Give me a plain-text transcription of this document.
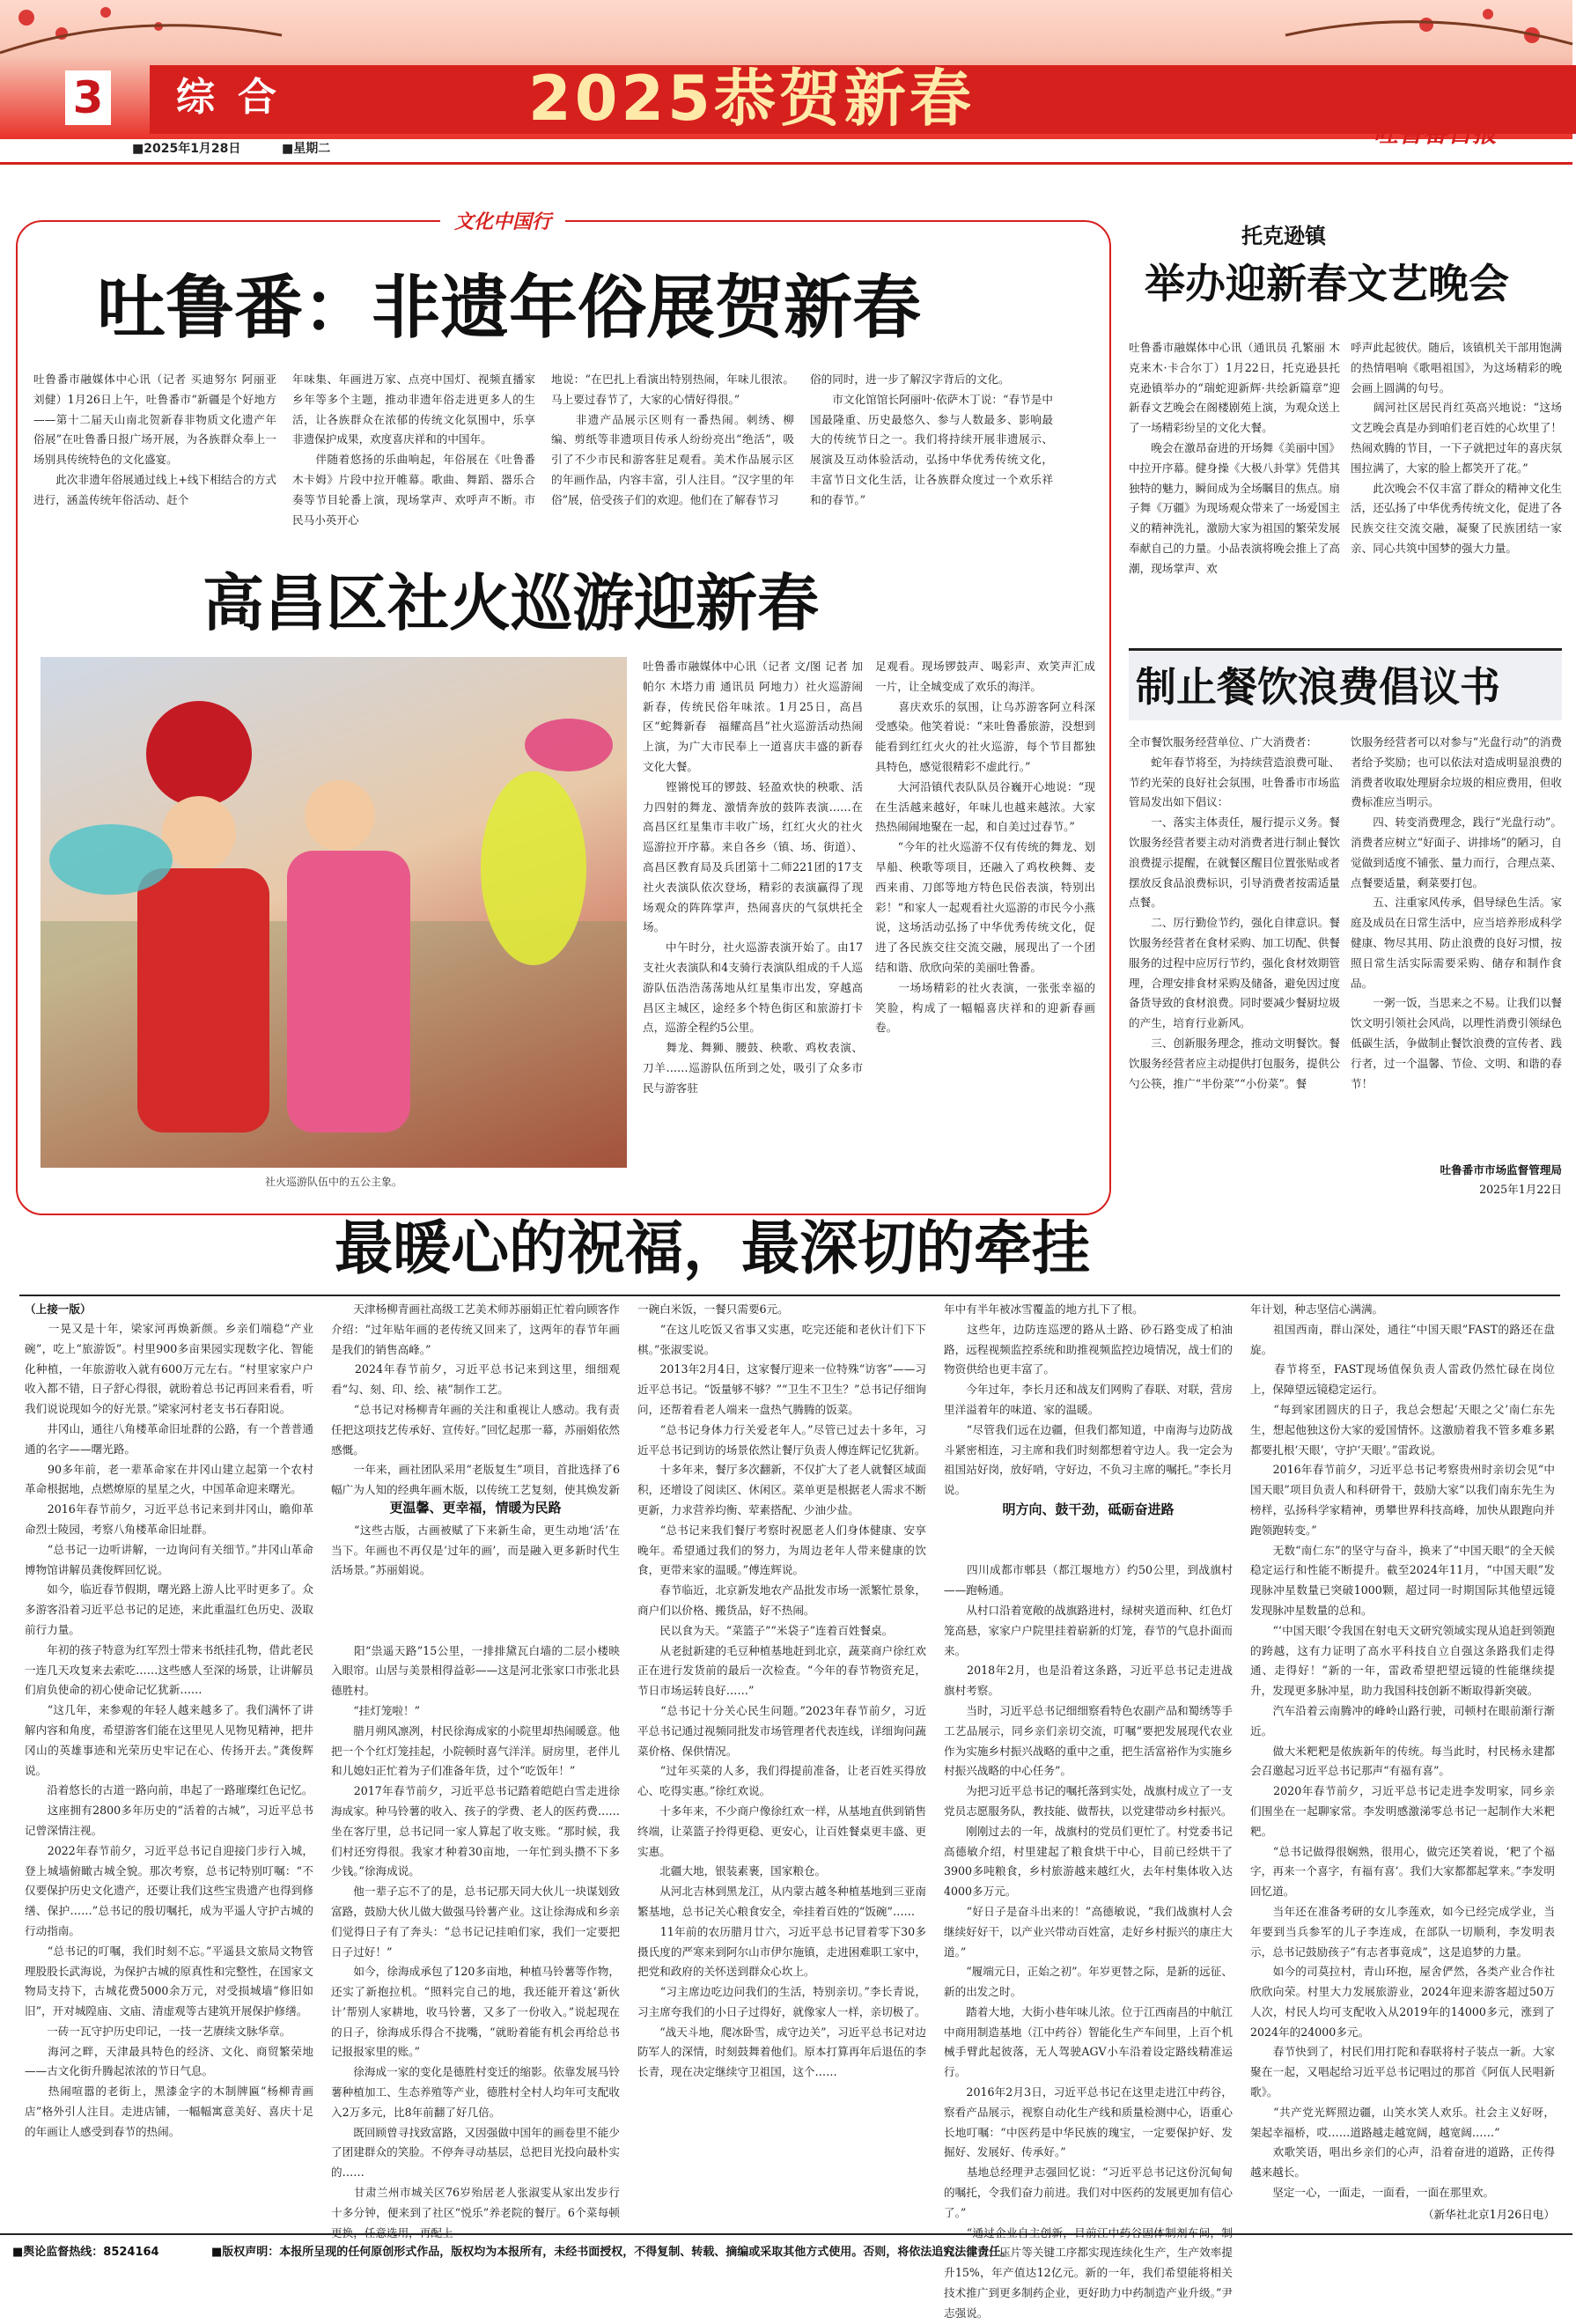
3 综合	2025恭贺新春	吐鲁番日报
■2025年1月28日	■星期二
文化中国行
吐鲁番：非遗年俗展贺新春
吐鲁番市融媒体中心讯（记者 买迪努尔 阿丽亚 刘健）1月26日上午，吐鲁番市“新疆是个好地方——第十二届天山南北贺新春非物质文化遗产年俗展”在吐鲁番日报广场开展，为各族群众奉上一场别具传统特色的文化盛宴。
　　此次非遗年俗展通过线上+线下相结合的方式进行，涵盖传统年俗活动、赶个
年味集、年画进万家、点亮中国灯、视频直播家乡年等多个主题，推动非遗年俗走进更多人的生活，让各族群众在浓郁的传统文化氛围中，乐享非遗保护成果，欢度喜庆祥和的中国年。
　　伴随着悠扬的乐曲响起，年俗展在《吐鲁番木卡姆》片段中拉开帷幕。歌曲、舞蹈、器乐合奏等节目轮番上演，现场掌声、欢呼声不断。市民马小英开心
地说：“在巴扎上看演出特别热闹，年味儿很浓。马上要过春节了，大家的心情好得很。”
　　非遗产品展示区则有一番热闹。刺绣、柳编、剪纸等非遗项目传承人纷纷亮出“绝活”，吸引了不少市民和游客驻足观看。美术作品展示区的年画作品，内容丰富，引人注目。“汉字里的年俗”展，倍受孩子们的欢迎。他们在了解春节习
俗的同时，进一步了解汉字背后的文化。
　　市文化馆馆长阿丽叶·依萨木丁说：“春节是中国最隆重、历史最悠久、参与人数最多、影响最大的传统节日之一。我们将持续开展非遗展示、展演及互动体验活动，弘扬中华优秀传统文化，丰富节日文化生活，让各族群众度过一个欢乐祥和的春节。”
高昌区社火巡游迎新春
社火巡游队伍中的五公主象。
吐鲁番市融媒体中心讯（记者 文/图 记者 加帕尔 木塔力甫 通讯员 阿地力）社火巡游闹新春，传统民俗年味浓。1月25日，高昌区“蛇舞新春　福耀高昌”社火巡游活动热闹上演，为广大市民奉上一道喜庆丰盛的新春文化大餐。
　　铿锵悦耳的锣鼓、轻盈欢快的秧歌、活力四射的舞龙、激情奔放的鼓阵表演……在高昌区红星集市丰收广场，红红火火的社火巡游拉开序幕。来自各乡（镇、场、街道）、高昌区教育局及兵团第十二师221团的17支社火表演队依次登场，精彩的表演赢得了现场观众的阵阵掌声，热闹喜庆的气氛烘托全场。
　　中午时分，社火巡游表演开始了。由17支社火表演队和4支骑行表演队组成的千人巡游队伍浩浩荡荡地从红星集市出发，穿越高昌区主城区，途经多个特色街区和旅游打卡点，巡游全程约5公里。
　　舞龙、舞狮、腰鼓、秧歌、鸡枚表演、刀羊……巡游队伍所到之处，吸引了众多市民与游客驻
足观看。现场锣鼓声、喝彩声、欢笑声汇成一片，让全城变成了欢乐的海洋。
　　喜庆欢乐的氛围，让乌苏游客阿立科深受感染。他笑着说：“来吐鲁番旅游，没想到能看到红红火火的社火巡游，每个节目都独具特色，感觉很精彩不虚此行。”
　　大河沿镇代表队队员谷巍开心地说：“现在生活越来越好，年味儿也越来越浓。大家热热闹闹地聚在一起，和自美过过春节。”
　　“今年的社火巡游不仅有传统的舞龙、划旱船、秧歌等项目，还融入了鸡枚秧舞、麦西来甫、刀郎等地方特色民俗表演，特别出彩！”和家人一起观看社火巡游的市民今小燕说，这场活动弘扬了中华优秀传统文化，促进了各民族交往交流交融，展现出了一个团结和谐、欣欣向荣的美丽吐鲁番。
　　一场场精彩的社火表演，一张张幸福的笑脸，构成了一幅幅喜庆祥和的迎新春画卷。
托克逊镇
举办迎新春文艺晚会
吐鲁番市融媒体中心讯（通讯员 孔繁丽 木克来木·卡合尔丁）1月22日，托克逊县托克逊镇举办的“瑞蛇迎新辉·共绘新篇章”迎新春文艺晚会在阁楼剧苑上演，为观众送上了一场精彩纷呈的文化大餐。
　　晚会在激昂奋进的开场舞《美丽中国》中拉开序幕。健身操《大极八卦掌》凭借其独特的魅力，瞬间成为全场瞩目的焦点。扇子舞《万疆》为现场观众带来了一场爱国主义的精神洗礼，激励大家为祖国的繁荣发展奉献自己的力量。小品表演将晚会推上了高潮，现场掌声、欢
呼声此起彼伏。随后，该镇机关干部用饱满的热情唱响《歌唱祖国》，为这场精彩的晚会画上圆满的句号。
　　阔河社区居民肖红英高兴地说：“这场文艺晚会真是办到咱们老百姓的心坎里了！热闹欢腾的节目，一下子就把过年的喜庆氛围拉满了，大家的脸上都笑开了花。”
　　此次晚会不仅丰富了群众的精神文化生活，还弘扬了中华优秀传统文化，促进了各民族交往交流交融，凝聚了民族团结一家亲、同心共筑中国梦的强大力量。
制止餐饮浪费倡议书
全市餐饮服务经营单位、广大消费者：
　　蛇年春节将至，为持续营造浪费可耻、节约光荣的良好社会氛围，吐鲁番市市场监管局发出如下倡议：
　　一、落实主体责任，履行提示义务。餐饮服务经营者要主动对消费者进行制止餐饮浪费提示提醒，在就餐区醒目位置张贴或者摆放反食品浪费标识，引导消费者按需适量点餐。
　　二、厉行勤俭节约，强化自律意识。餐饮服务经营者在食材采购、加工切配、供餐服务的过程中应厉行节约，强化食材效期管理，合理安排食材采购及储备，避免因过度备货导致的食材浪费。同时要减少餐厨垃圾的产生，培育行业新风。
　　三、创新服务理念，推动文明餐饮。餐饮服务经营者应主动提供打包服务，提供公勺公筷，推广“半份菜”“小份菜”。餐
饮服务经营者可以对参与“光盘行动”的消费者给予奖励；也可以依法对造成明显浪费的消费者收取处理厨余垃圾的相应费用，但收费标准应当明示。
　　四、转变消费理念，践行“光盘行动”。消费者应树立“好面子、讲排场”的陋习，自觉做到适度不铺张、量力而行，合理点菜、点餐要适量，剩菜要打包。
　　五、注重家风传承，倡导绿色生活。家庭及成员在日常生活中，应当培养形成科学健康、物尽其用、防止浪费的良好习惯，按照日常生活实际需要采购、储存和制作食品。
　　一粥一饭，当思来之不易。让我们以餐饮文明引领社会风尚，以理性消费引领绿色低碳生活，争做制止餐饮浪费的宣传者、践行者，过一个温馨、节俭、文明、和谐的春节！
吐鲁番市市场监督管理局
2025年1月22日
最暖心的祝福，最深切的牵挂
（上接一版）
　　一晃又是十年，梁家河再焕新颜。乡亲们端稳“产业碗”，吃上“旅游饭”。村里900多亩果园实现数字化、智能化种植，一年旅游收入就有600万元左右。“村里家家户户收入都不错，日子舒心得很，就盼着总书记再回来看看，听我们说说现如今的好光景。”梁家河村老支书石春阳说。
　　井冈山，通往八角楼革命旧址群的公路，有一个普普通通的名字——曙光路。
　　90多年前，老一辈革命家在井冈山建立起第一个农村革命根据地，点燃燎原的星星之火，中国革命迎来曙光。
　　2016年春节前夕，习近平总书记来到井冈山，瞻仰革命烈士陵园，考察八角楼革命旧址群。
　　“总书记一边听讲解，一边询问有关细节。”井冈山革命博物馆讲解员龚俊辉回忆说。
　　如今，临近春节假期，曙光路上游人比平时更多了。众多游客沿着习近平总书记的足迹，来此重温红色历史、汲取前行力量。
　　年初的孩子特意为红军烈士带来书纸挂孔物，借此老民一连几天攻复来去索吃……这些感人至深的场景，让讲解员们肩负使命的初心使命记忆犹新……
　　“这几年，来参观的年轻人越来越多了。我们满怀了讲解内容和角度，希望游客们能在这里见人见物见精神，把井冈山的英雄事迹和光荣历史牢记在心、传扬开去。”龚俊辉说。
　　沿着悠长的古道一路向前，串起了一路璀璨红色记忆。
　　这座拥有2800多年历史的“活着的古城”，习近平总书记曾深情注视。
　　2022年春节前夕，习近平总书记自迎接门步行入城，登上城墙俯瞰古城全貌。那次考察，总书记特别叮嘱：“不仅要保护历史文化遗产，还要让我们这些宝贵遗产也得到修缮、保护……”总书记的殷切嘱托，成为平遥人守护古城的行动指南。
　　“总书记的叮嘱，我们时刻不忘。”平遥县文旅局文物管理股股长武海说，为保护古城的原真性和完整性，在国家文物局支持下，古城花费5000余万元，对受损城墙“修旧如旧”，开对城隍庙、文庙、清虚观等古建筑开展保护修缮。
　　一砖一瓦守护历史印记，一技一艺赓续文脉华章。
　　海河之畔，天津最具特色的经济、文化、商贸繁荣地——古文化街升腾起浓浓的节日气息。
　　热闹喧嚣的老街上，黑漆金字的木制牌匾“杨柳青画店”格外引人注目。走进店铺，一幅幅寓意美好、喜庆十足的年画让人感受到春节的热闹。
　　天津杨柳青画社高级工艺美术师苏丽娟正忙着向顾客作介绍：“过年贴年画的老传统又回来了，这两年的春节年画是我们的销售高峰。”
　　2024年春节前夕，习近平总书记来到这里，细细观看“勾、刻、印、绘、裱”制作工艺。
　　“总书记对杨柳青年画的关注和重视让人感动。我有责任把这项技艺传承好、宣传好。”回忆起那一幕，苏丽娟依然感慨。
　　一年来，画社团队采用“老版复生”项目，首批选择了6幅广为人知的经典年画木版，以传统工艺复刻，使其焕发新
　　“这些古版，古画被赋了下来新生命，更生动地‘活’在当下。年画也不再仅是‘过年的画’，而是融入更多新时代生活场景。”苏丽娟说。

　　阳“祟遥天路”15公里，一排排黛瓦白墙的二层小楼映入眼帘。山居与美景相得益彰——这是河北张家口市张北县德胜村。
　　“挂灯笼啦！”
　　腊月朔风凛冽，村民徐海成家的小院里却热闹暖意。他把一个个红灯笼挂起，小院顿时喜气洋洋。厨房里，老伴儿和儿媳妇正忙着为子们准备年货，过个“吃饭年！”
　　2017年春节前夕，习近平总书记踏着皑皑白雪走进徐海成家。种马铃薯的收入、孩子的学费、老人的医药费……坐在客厅里，总书记同一家人算起了收支账。“那时候，我们村还穷得很。我家才种着30亩地，一年忙到头攒不下多少钱。”徐海成说。
　　他一辈子忘不了的是，总书记那天同大伙儿一块谋划致富路，鼓励大伙儿做大做强马铃薯产业。这让徐海成和乡亲们觉得日子有了奔头：“总书记记挂咱们家，我们一定要把日子过好！”
　　如今，徐海成承包了120多亩地，种植马铃薯等作物，还实了新抱拉机。“照料完自己的地，我还能开着这‘新伙计’帮别人家耕地，收马铃薯，又多了一份收入。”说起现在的日子，徐海成乐得合不拢嘴，“就盼着能有机会再给总书记报报家里的账。”
　　徐海成一家的变化是德胜村变迁的缩影。依靠发展马铃薯种植加工、生态养殖等产业，德胜村全村人均年可支配收入2万多元，比8年前翻了好几倍。
　　既回顾曾寻找致富路，又因强做中国年的画卷里不能少了团建群众的笑脸。不停奔寻动基层，总把目光投向最朴实的……
　　甘肃兰州市城关区76岁殆居老人张淑雯从家出发步行十多分钟，便来到了社区“悦乐”养老院的餐厅。6个菜每顿
更温馨、更幸福，情暖为民路
一碗白米饭，一餐只需要6元。
　　“在这儿吃饭又省事又实惠，吃完还能和老伙计们下下棋。”张淑雯说。
　　2013年2月4日，这家餐厅迎来一位特殊“访客”——习近平总书记。“饭量够不够？”“卫生不卫生？”总书记仔细询问，还帮着看老人端来一盘热气腾腾的饭菜。
　　“总书记身体力行关爱老年人。”尽管已过去十多年，习近平总书记到访的场景依然让餐厅负责人傅连辉记忆犹新。
　　十多年来，餐厅多次翻新，不仅扩大了老人就餐区域面积，还增设了阅读区、休闲区。菜单更是根据老人需求不断更新，力求营养均衡、荤素搭配、少油少盐。
　　“总书记来我们餐厅考察时祝愿老人们身体健康、安享晚年。希望通过我们的努力，为周边老年人带来健康的饮食，更带来家的温暖。”傅连辉说。
　　春节临近，北京新发地农产品批发市场一派繁忙景象，商户们以价格、搬货品，好不热闹。
　　民以食为天。“菜篮子”“米袋子”连着百姓餐桌。
　　从老挝新建的毛豆种植基地赶到北京，蔬菜商户徐红欢正在进行发货前的最后一次检查。“今年的春节物资充足，节日市场运转良好……”
　　“总书记十分关心民生问题。”2023年春节前夕，习近平总书记通过视频同批发市场管理者代表连线，详细询问蔬菜价格、保供情况。
　　“过年买菜的人多，我们得提前准备，让老百姓买得放心、吃得实惠。”徐红欢说。
　　十多年来，不少商户像徐红欢一样，从基地直供到销售终端，让菜篮子拎得更稳、更安心，让百姓餐桌更丰盛、更实惠。
　　北疆大地，银装素裹，国家粮仓。
　　从河北吉林到黑龙江，从内蒙古越冬种植基地到三亚南繁基地，总书记关心粮食安全，牵挂着百姓的“饭碗”……
　　11年前的农历腊月廿六，习近平总书记冒着零下30多摄氏度的严寒来到阿尔山市伊尔施镇，走进困难职工家中，把党和政府的关怀送到群众心坎上。
　　“习主席边吃边问我们的生活，特别亲切。”李长青说，习主席夸我们的小日子过得好，就像家人一样，亲切极了。
　　“战天斗地，爬冰卧雪，成守边关”，习近平总书记对边防军人的深情，时刻鼓舞着他们。原本打算再年后退伍的李长青，现在决定继续守卫祖国，这个……
年中有半年被冰雪覆盖的地方扎下了根。
　　这些年，边防连巡逻的路从土路、砂石路变成了柏油路，远程视频监控系统和助推视频监控边境情况，战士们的物资供给也更丰富了。
　　今年过年，李长月还和战友们网购了春联、对联，营房里洋溢着年的味道、家的温暖。
　　“尽管我们远在边疆，但我们都知道，中南海与边防战斗紧密相连，习主席和我们时刻都想着守边人。我一定会为祖国站好岗，放好哨，守好边，不负习主席的嘱托。”李长月说。

　　四川成都市郫县（都江堰地方）约50公里，到战旗村——跑畅通。
　　从村口沿着宽敞的战旗路进村，绿树夹道而种、红色灯笼高悬，家家户户院里挂着崭新的灯笼，春节的气息扑面而来。
　　2018年2月，也是沿着这条路，习近平总书记走进战旗村考察。
　　当时，习近平总书记细细察看特色农副产品和蜀绣等手工艺品展示，同乡亲们亲切交流，叮嘱“要把发展现代农业作为实施乡村振兴战略的重中之重，把生活富裕作为实施乡村振兴战略的中心任务”。
　　为把习近平总书记的嘱托落到实处，战旗村成立了一支党员志愿服务队，教技能、做帮扶，以党建带动乡村振兴。
　　刚刚过去的一年，战旗村的党员们更忙了。村党委书记高德敏介绍，村里建起了粮食烘干中心，目前已经烘干了3900多吨粮食，乡村旅游越来越红火，去年村集体收入达4000多万元。
　　“好日子是奋斗出来的！”高德敏说，“我们战旗村人会继续好好干，以产业兴带动百姓富，走好乡村振兴的康庄大道。”
　　“履端元日，正始之初”。年岁更替之际，是新的远征、新的出发之时。
　　踏着大地，大街小巷年味儿浓。位于江西南昌的中航江中商用制造基地（江中药谷）智能化生产车间里，上百个机械手臂此起彼落，无人驾驶AGV小车沿着设定路线精准运行。
　　2016年2月3日，习近平总书记在这里走进江中药谷，察看产品展示，视察自动化生产线和质量检测中心，语重心长地叮嘱：“中医药是中华民族的瑰宝，一定要保护好、发掘好、发展好、传承好。”
　　基地总经理尹志强回忆说：“习近平总书记这份沉甸甸的嘱托，令我们奋力前进。我们对中医药的发展更加有信心了。”
　　粒、混合、压片等关键工序都实现连续化生产，生产效率提升15%，年产值达12亿元。新的一年，我们希望能将相关技术推广到更多制药企业，更好助力中药制造产业升级。”尹志强说。
明方向、鼓干劲，砥砺奋进路
年计划，种志坚信心满满。
　　祖国西南，群山深处，通往“中国天眼”FAST的路还在盘旋。
　　春节将至，FAST现场值保负责人雷政仍然忙碌在岗位上，保障望远镜稳定运行。
　　“每到家团圆庆的日子，我总会想起‘天眼之父’南仁东先生，想起他独这份大家的爱国情怀。这激励着我不管多难多累都要扎根‘天眼’，守护‘天眼’。”雷政说。
　　2016年春节前夕，习近平总书记考察贵州时亲切会见“中国天眼”项目负责人和科研骨干，鼓励大家“以我们南东先生为榜样，弘扬科学家精神，勇攀世界科技高峰，加快从跟跑向并跑领跑转变。”
　　无数“南仁东”的坚守与奋斗，换来了“中国天眼”的全天候稳定运行和性能不断提升。截至2024年11月，“中国天眼”发现脉冲星数量已突破1000颗，超过同一时期国际其他望远镜发现脉冲星数量的总和。
　　“‘中国天眼’令我国在射电天文研究领域实现从追赶到领跑的跨越，这有力证明了高水平科技自立自强这条路我们走得通、走得好！”新的一年，雷政希望把望远镜的性能继续提升，发现更多脉冲星，助力我国科技创新不断取得新突破。
　　汽车沿着云南腾冲的峰岭山路行驶，司顿村在眼前渐行渐近。
　　做大米粑粑是侬族新年的传统。每当此时，村民杨永建都会召邀起习近平总书记那声“有福有喜”。
　　2020年春节前夕，习近平总书记走进李发明家，同乡亲们围坐在一起聊家常。李发明感激涕零总书记一起制作大米粑粑。
　　“总书记做得很娴熟，很用心，做完还笑着说，‘粑了个福字，再来一个喜字，有福有喜’。我们大家都都起掌来。”李发明回忆道。
　　当年还在准备考研的女儿李莲欢，如今已经完成学业，当年要到当兵参军的儿子李连成，在部队一切顺利，李发明表示，总书记鼓励孩子“有志者事竟成”，这是追梦的力量。
　　如今的司莫拉村，青山环抱，屋舍俨然，各类产业合作社欣欣向荣。村里大力发展旅游业，2024年迎来游客超过50万人次，村民人均可支配收入从2019年的14000多元，涨到了2024年的24000多元。
　　春节快到了，村民们用打陀和春联将村子装点一新。大家聚在一起，又唱起给习近平总书记唱过的那首《阿佤人民唱新歌》。
　　“共产党光辉照边疆，山笑水笑人欢乐。社会主义好呀，架起幸福桥，哎……道路越走越宽阔，越宽阔……”
　　欢歌笑语，唱出乡亲们的心声，沿着奋进的道路，正传得越来越长。
　　坚定一心，一面走，一面看，一面在那里欢。
（新华社北京1月26日电）
■舆论监督热线：8524164	■版权声明：本报所呈现的任何原创形式作品，版权均为本报所有，未经书面授权，不得复制、转载、摘编或采取其他方式使用。否则，将依法追究法律责任。
